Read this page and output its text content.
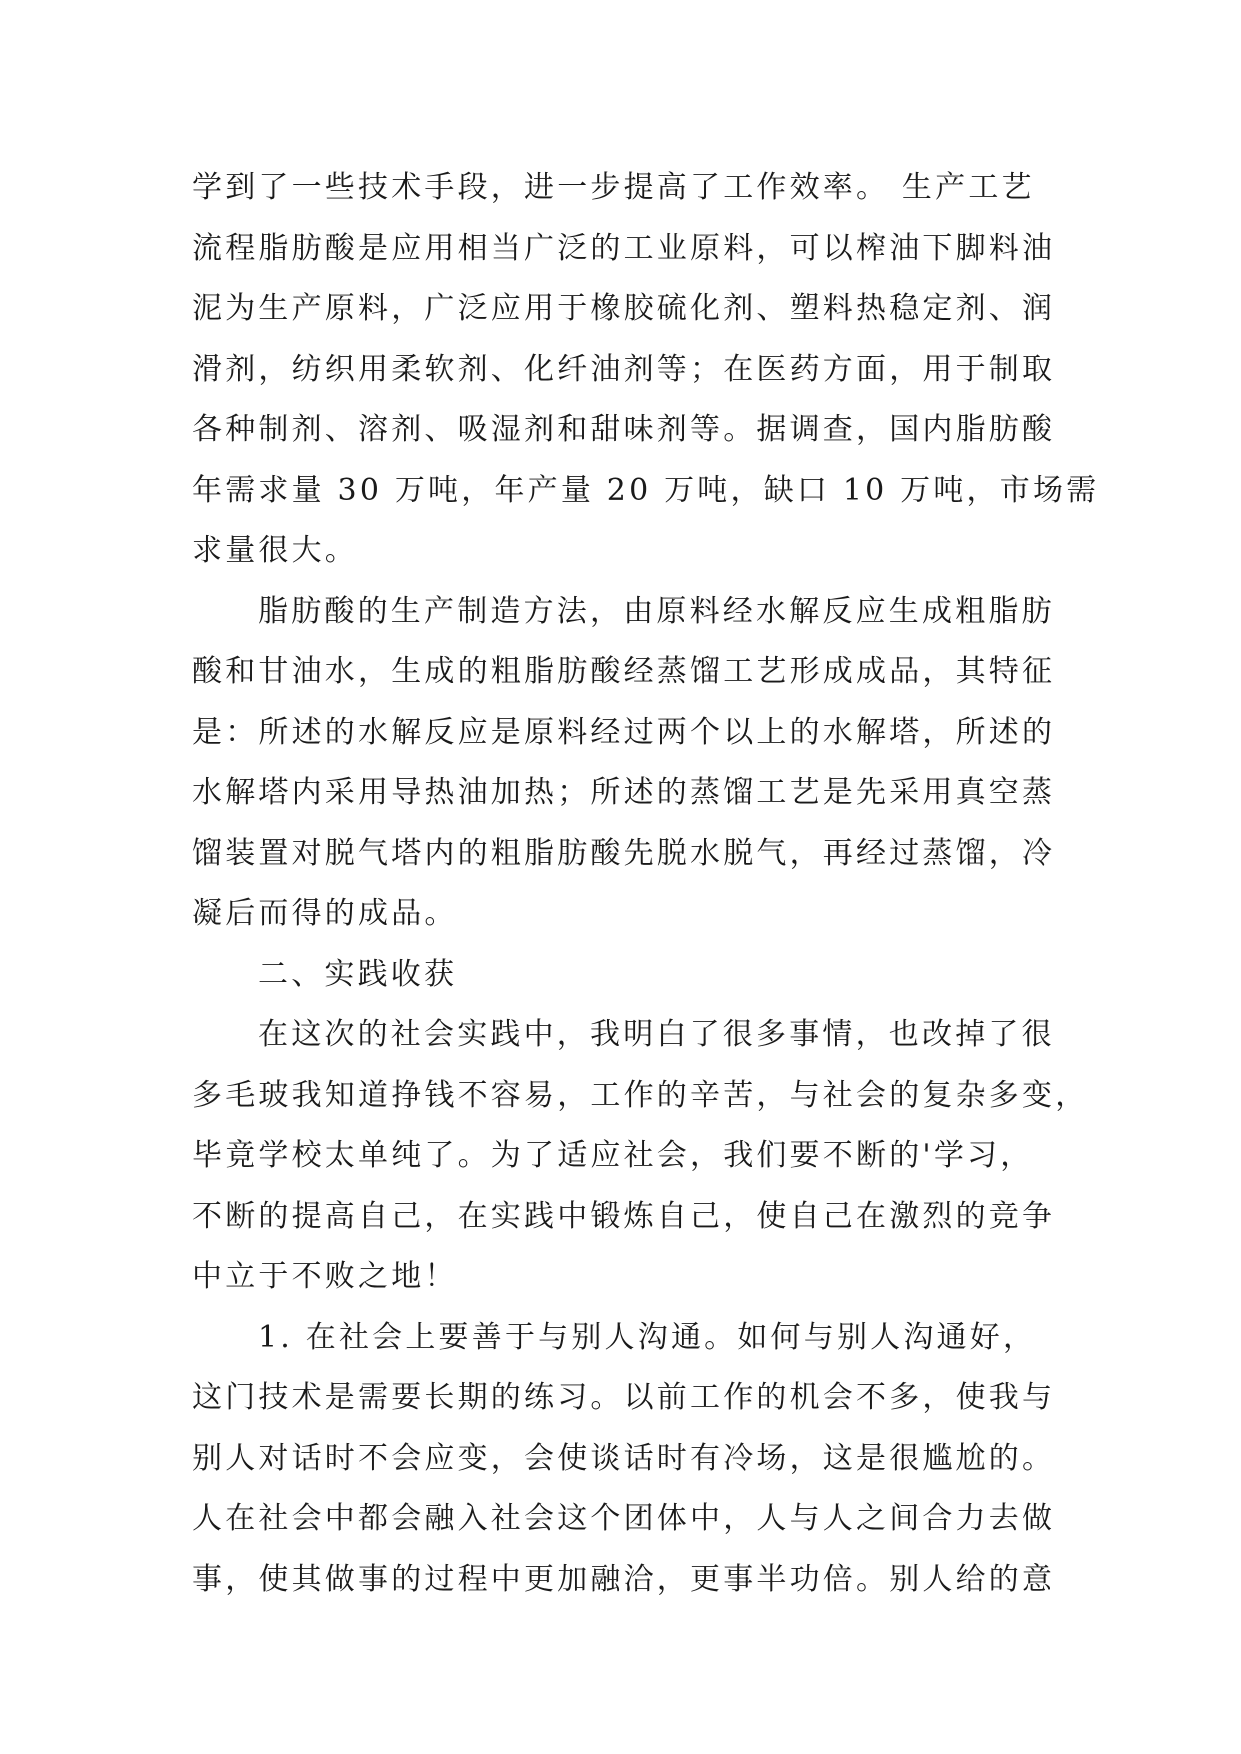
学到了一些技术手段，进一步提高了工作效率。 生产工艺
流程脂肪酸是应用相当广泛的工业原料，可以榨油下脚料油
泥为生产原料，广泛应用于橡胶硫化剂、塑料热稳定剂、润
滑剂，纺织用柔软剂、化纤油剂等；在医药方面，用于制取
各种制剂、溶剂、吸湿剂和甜味剂等。据调查，国内脂肪酸
年需求量 30 万吨，年产量 20 万吨，缺口 10 万吨，市场需
求量很大。
脂肪酸的生产制造方法，由原料经水解反应生成粗脂肪
酸和甘油水，生成的粗脂肪酸经蒸馏工艺形成成品，其特征
是：所述的水解反应是原料经过两个以上的水解塔，所述的
水解塔内采用导热油加热；所述的蒸馏工艺是先采用真空蒸
馏装置对脱气塔内的粗脂肪酸先脱水脱气，再经过蒸馏，冷
凝后而得的成品。
二、实践收获
在这次的社会实践中，我明白了很多事情，也改掉了很
多毛玻我知道挣钱不容易，工作的辛苦，与社会的复杂多变，
毕竟学校太单纯了。为了适应社会，我们要不断的'学习，
不断的提高自己，在实践中锻炼自己，使自己在激烈的竞争
中立于不败之地！
1. 在社会上要善于与别人沟通。如何与别人沟通好，
这门技术是需要长期的练习。以前工作的机会不多，使我与
别人对话时不会应变，会使谈话时有冷场，这是很尴尬的。
人在社会中都会融入社会这个团体中，人与人之间合力去做
事，使其做事的过程中更加融洽，更事半功倍。别人给的意
